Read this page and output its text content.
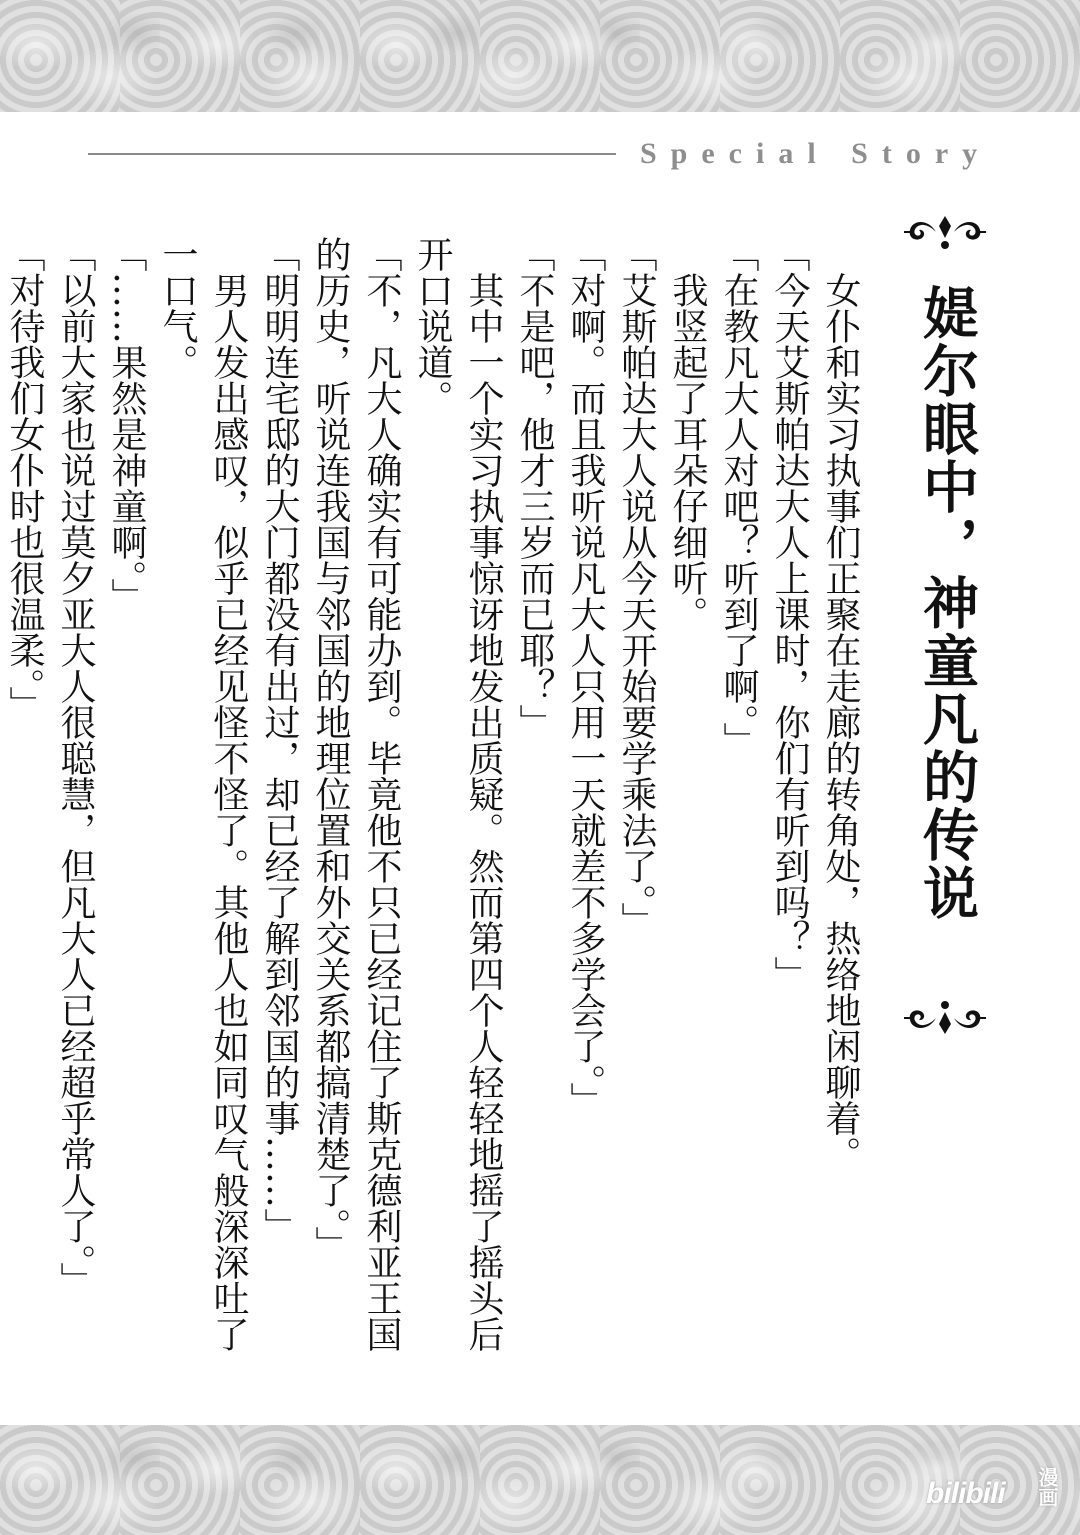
Special Story
媞尔眼中，神童凡的传说

女仆和实习执事们正聚在走廊的转角处，热络地闲聊着。

「今天艾斯帕达大人上课时，你们有听到吗？」

「在教凡大人对吧？听到了啊。」

我竖起了耳朵仔细听。

「艾斯帕达大人说从今天开始要学乘法了。」

「对啊。而且我听说凡大人只用一天就差不多学会了。」

「不是吧，他才三岁而已耶？」

其中一个实习执事惊讶地发出质疑。然而第四个人轻轻地摇了摇头后开口说道。

「不，凡大人确实有可能办到。毕竟他不只已经记住了斯克德利亚王国的历史，听说连我国与邻国的地理位置和外交关系都搞清楚了。」

「明明连宅邸的大门都没有出过，却已经了解到邻国的事……」

男人发出感叹，似乎已经见怪不怪了。其他人也如同叹气般深深吐了一口气。

「……果然是神童啊。」

「以前大家也说过莫夕亚大人很聪慧，但凡大人已经超乎常人了。」

「对待我们女仆时也很温柔。」

bilibili 漫画
